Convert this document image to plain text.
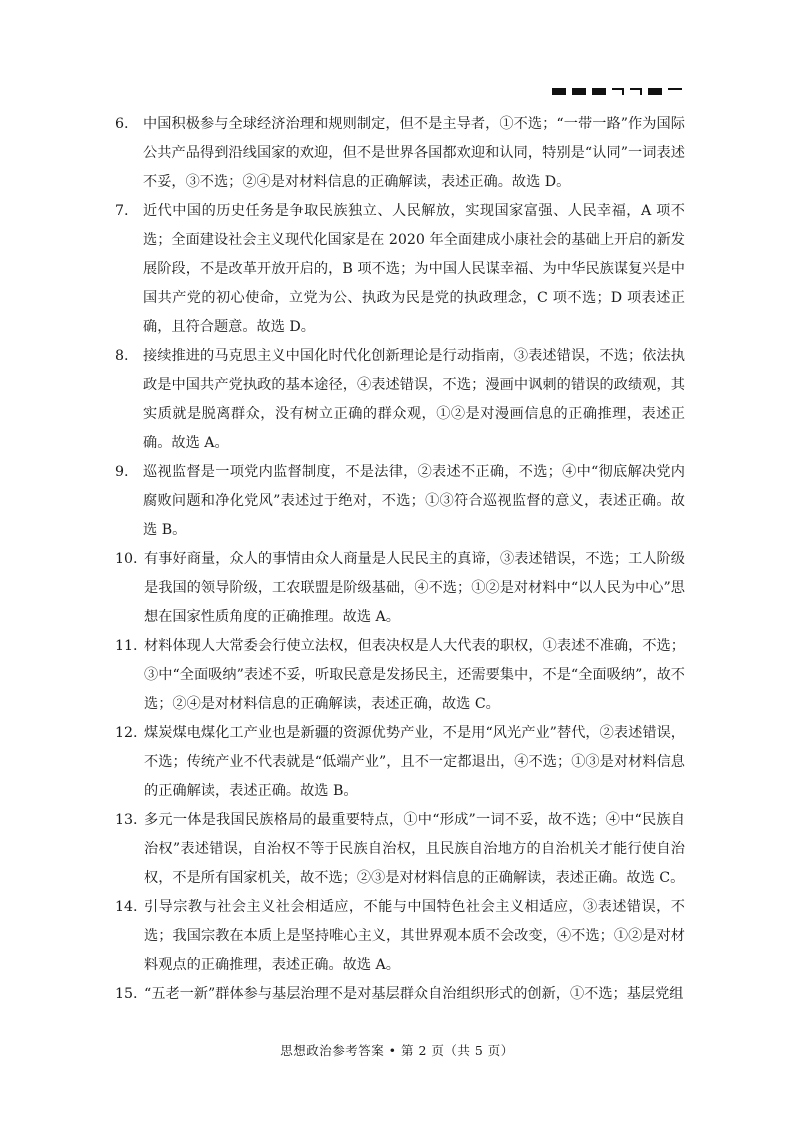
6.	中国积极参与全球经济治理和规则制定，但不是主导者，①不选；“一带一路”作为国际公共产品得到沿线国家的欢迎，但不是世界各国都欢迎和认同，特别是“认同”一词表述不妥，③不选；②④是对材料信息的正确解读，表述正确。故选 D。
7.	近代中国的历史任务是争取民族独立、人民解放，实现国家富强、人民幸福，A 项不选；全面建设社会主义现代化国家是在 2020 年全面建成小康社会的基础上开启的新发展阶段，不是改革开放开启的，B 项不选；为中国人民谋幸福、为中华民族谋复兴是中国共产党的初心使命，立党为公、执政为民是党的执政理念，C 项不选；D 项表述正确，且符合题意。故选 D。
8.	接续推进的马克思主义中国化时代化创新理论是行动指南，③表述错误，不选；依法执政是中国共产党执政的基本途径，④表述错误，不选；漫画中讽刺的错误的政绩观，其实质就是脱离群众，没有树立正确的群众观，①②是对漫画信息的正确推理，表述正确。故选 A。
9.	巡视监督是一项党内监督制度，不是法律，②表述不正确，不选；④中“彻底解决党内腐败问题和净化党风”表述过于绝对，不选；①③符合巡视监督的意义，表述正确。故选 B。
10. 有事好商量，众人的事情由众人商量是人民民主的真谛，③表述错误，不选；工人阶级是我国的领导阶级，工农联盟是阶级基础，④不选；①②是对材料中“以人民为中心”思想在国家性质角度的正确推理。故选 A。
11. 材料体现人大常委会行使立法权，但表决权是人大代表的职权，①表述不准确，不选；③中“全面吸纳”表述不妥，听取民意是发扬民主，还需要集中，不是“全面吸纳”，故不选；②④是对材料信息的正确解读，表述正确，故选 C。
12. 煤炭煤电煤化工产业也是新疆的资源优势产业，不是用“风光产业”替代，②表述错误，不选；传统产业不代表就是“低端产业”，且不一定都退出，④不选；①③是对材料信息的正确解读，表述正确。故选 B。
13. 多元一体是我国民族格局的最重要特点，①中“形成”一词不妥，故不选；④中“民族自治权”表述错误，自治权不等于民族自治权，且民族自治地方的自治机关才能行使自治权，不是所有国家机关，故不选；②③是对材料信息的正确解读，表述正确。故选 C。
14. 引导宗教与社会主义社会相适应，不能与中国特色社会主义相适应，③表述错误，不选；我国宗教在本质上是坚持唯心主义，其世界观本质不会改变，④不选；①②是对材料观点的正确推理，表述正确。故选 A。
15. “五老一新”群体参与基层治理不是对基层群众自治组织形式的创新，①不选；基层党组
思想政治参考答案 • 第 2 页（共 5 页）
